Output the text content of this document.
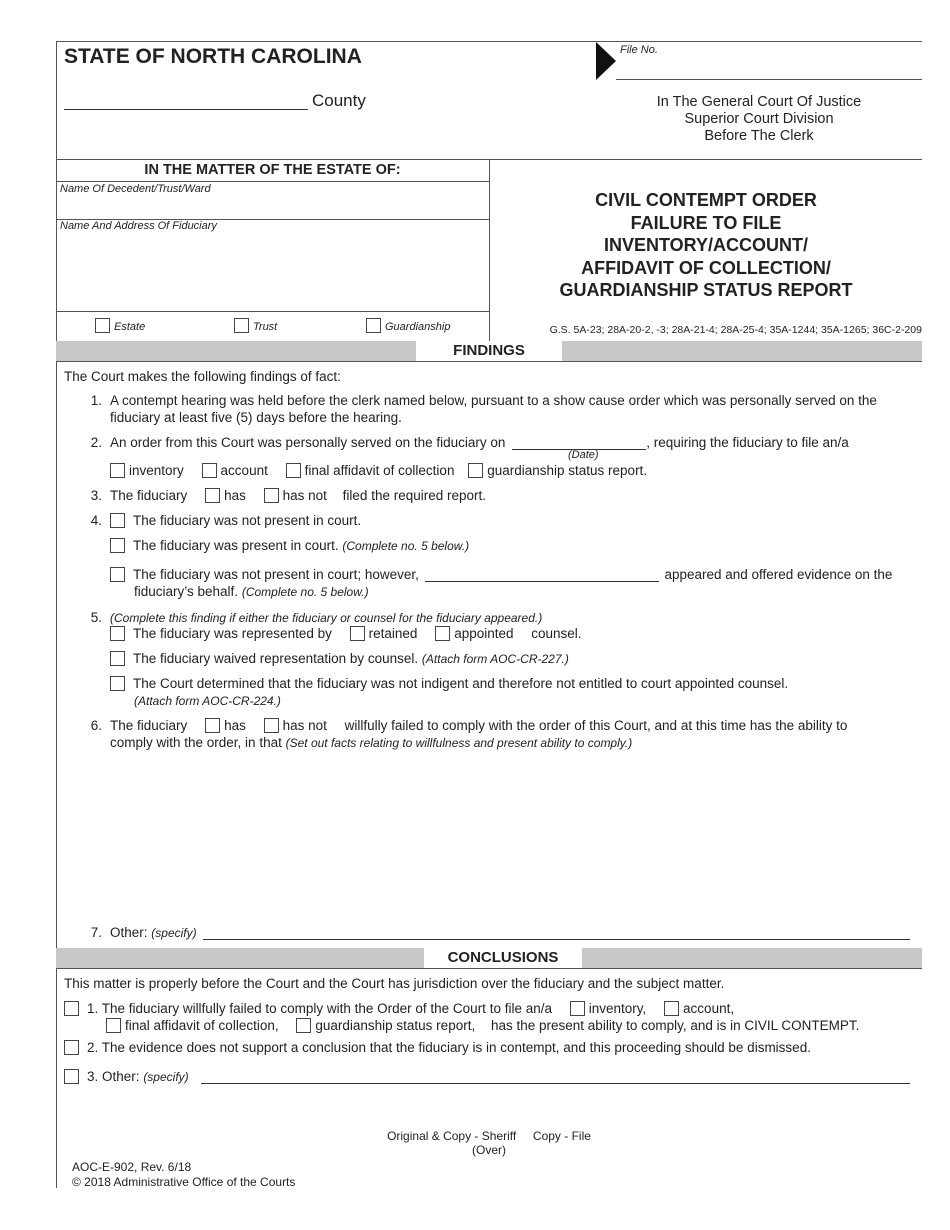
STATE OF NORTH CAROLINA	File No.
County	In The General Court Of Justice
Superior Court Division
Before The Clerk
IN THE MATTER OF THE ESTATE OF:
Name Of Decedent/Trust/Ward
Name And Address Of Fiduciary
Estate	Trust	Guardianship
CIVIL CONTEMPT ORDER
FAILURE TO FILE
INVENTORY/ACCOUNT/
AFFIDAVIT OF COLLECTION/
GUARDIANSHIP STATUS REPORT
G.S. 5A-23; 28A-20-2, -3; 28A-21-4; 28A-25-4; 35A-1244; 35A-1265; 36C-2-209
FINDINGS
The Court makes the following findings of fact:
1. A contempt hearing was held before the clerk named below, pursuant to a show cause order which was personally served on the
fiduciary at least five (5) days before the hearing.
2. An order from this Court was personally served on the fiduciary on	, requiring the fiduciary to file an/a
(Date)
inventory	account	final affidavit of collection guardianship status report.
3. The fiduciary	has	has not filed the required report.
4. The fiduciary was not present in court.
The fiduciary was present in court. (Complete no. 5 below.)
The fiduciary was not present in court; however,	appeared and offered evidence on the
fiduciary’s behalf. (Complete no. 5 below.)
5. (Complete this finding if either the fiduciary or counsel for the fiduciary appeared.)
The fiduciary was represented by	retained	appointed counsel.
The fiduciary waived representation by counsel. (Attach form AOC-CR-227.)
The Court determined that the fiduciary was not indigent and therefore not entitled to court appointed counsel.
(Attach form AOC-CR-224.)
6. The fiduciary	has	has not willfully failed to comply with the order of this Court, and at this time has the ability to
comply with the order, in that (Set out facts relating to willfulness and present ability to comply.)
7. Other: (specify)
CONCLUSIONS
This matter is properly before the Court and the Court has jurisdiction over the fiduciary and the subject matter.
1. The fiduciary willfully failed to comply with the Order of the Court to file an/a	inventory,	account,
final affidavit of collection,	guardianship status report, has the present ability to comply, and is in CIVIL CONTEMPT.
2. The evidence does not support a conclusion that the fiduciary is in contempt, and this proceeding should be dismissed.
3. Other: (specify)
Original & Copy - Sheriff     Copy - File
(Over)
AOC-E-902, Rev. 6/18
© 2018 Administrative Office of the Courts
